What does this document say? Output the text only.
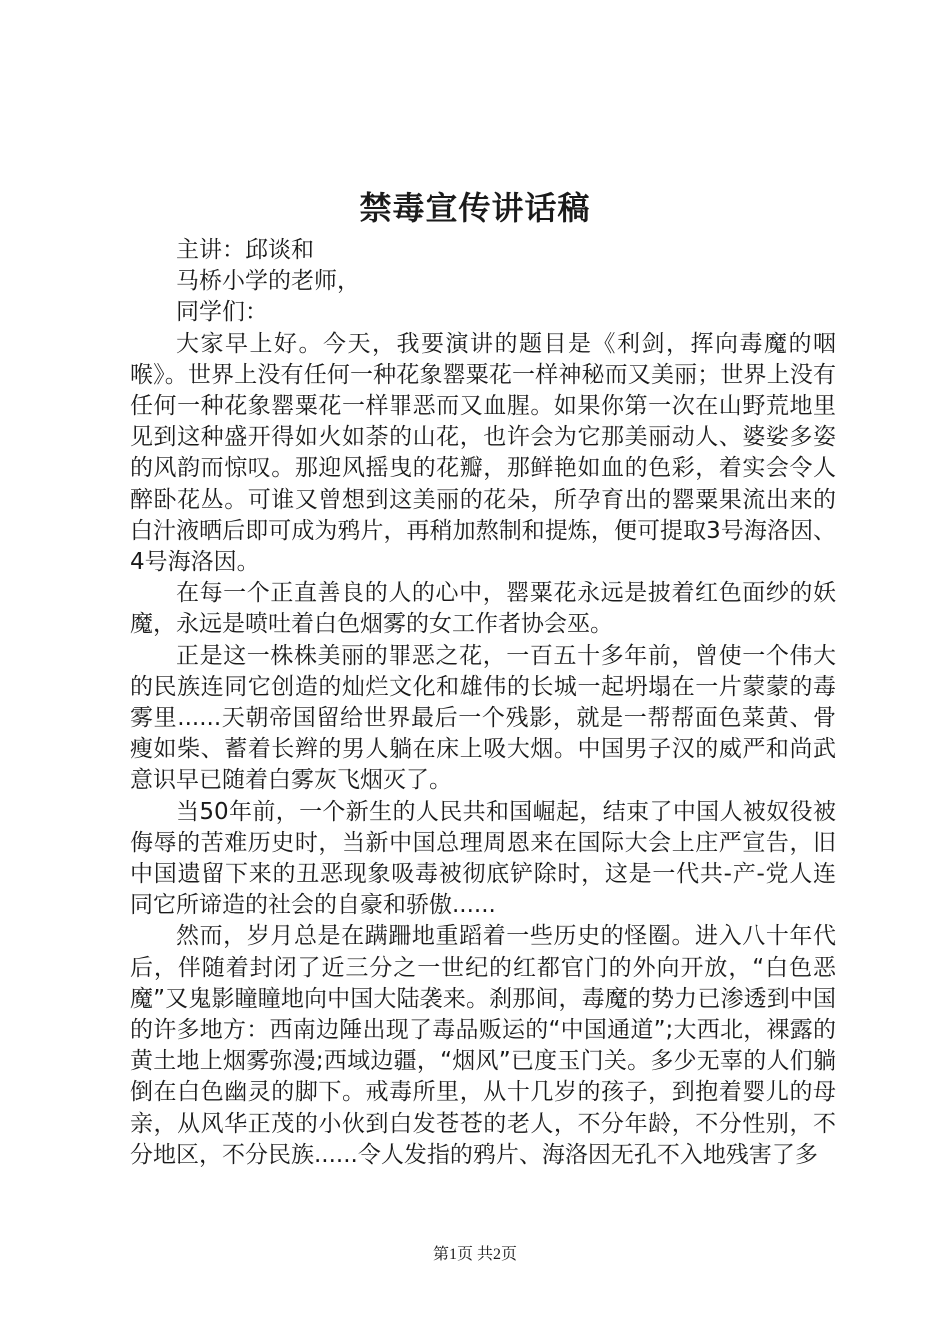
禁毒宣传讲话稿

主讲：邱谈和

马桥小学的老师，

同学们：

大家早上好。今天，我要演讲的题目是《利剑，挥向毒魔的咽喉》。世界上没有任何一种花象罂粟花一样神秘而又美丽；世界上没有任何一种花象罂粟花一样罪恶而又血腥。如果你第一次在山野荒地里见到这种盛开得如火如荼的山花，也许会为它那美丽动人、婆娑多姿的风韵而惊叹。那迎风摇曳的花瓣，那鲜艳如血的色彩，着实会令人醉卧花丛。可谁又曾想到这美丽的花朵，所孕育出的罂粟果流出来的白汁液晒后即可成为鸦片，再稍加熬制和提炼，便可提取3号海洛因、4号海洛因。

在每一个正直善良的人的心中，罂粟花永远是披着红色面纱的妖魔，永远是喷吐着白色烟雾的女工作者协会巫。

正是这一株株美丽的罪恶之花，一百五十多年前，曾使一个伟大的民族连同它创造的灿烂文化和雄伟的长城一起坍塌在一片蒙蒙的毒雾里......天朝帝国留给世界最后一个残影，就是一帮帮面色菜黄、骨瘦如柴、蓄着长辫的男人躺在床上吸大烟。中国男子汉的威严和尚武意识早已随着白雾灰飞烟灭了。

当50年前，一个新生的人民共和国崛起，结束了中国人被奴役被侮辱的苦难历史时，当新中国总理周恩来在国际大会上庄严宣告，旧中国遗留下来的丑恶现象吸毒被彻底铲除时，这是一代共-产-党人连同它所谛造的社会的自豪和骄傲......

然而，岁月总是在蹒跚地重蹈着一些历史的怪圈。进入八十年代后，伴随着封闭了近三分之一世纪的红都官门的外向开放，“白色恶魔”又鬼影瞳瞳地向中国大陆袭来。刹那间，毒魔的势力已渗透到中国的许多地方：西南边陲出现了毒品贩运的“中国通道”;大西北，裸露的黄土地上烟雾弥漫;西域边疆，“烟风”已度玉门关。多少无辜的人们躺倒在白色幽灵的脚下。戒毒所里，从十几岁的孩子，到抱着婴儿的母亲，从风华正茂的小伙到白发苍苍的老人，不分年龄，不分性别，不分地区，不分民族......令人发指的鸦片、海洛因无孔不入地残害了多

第1页 共2页
